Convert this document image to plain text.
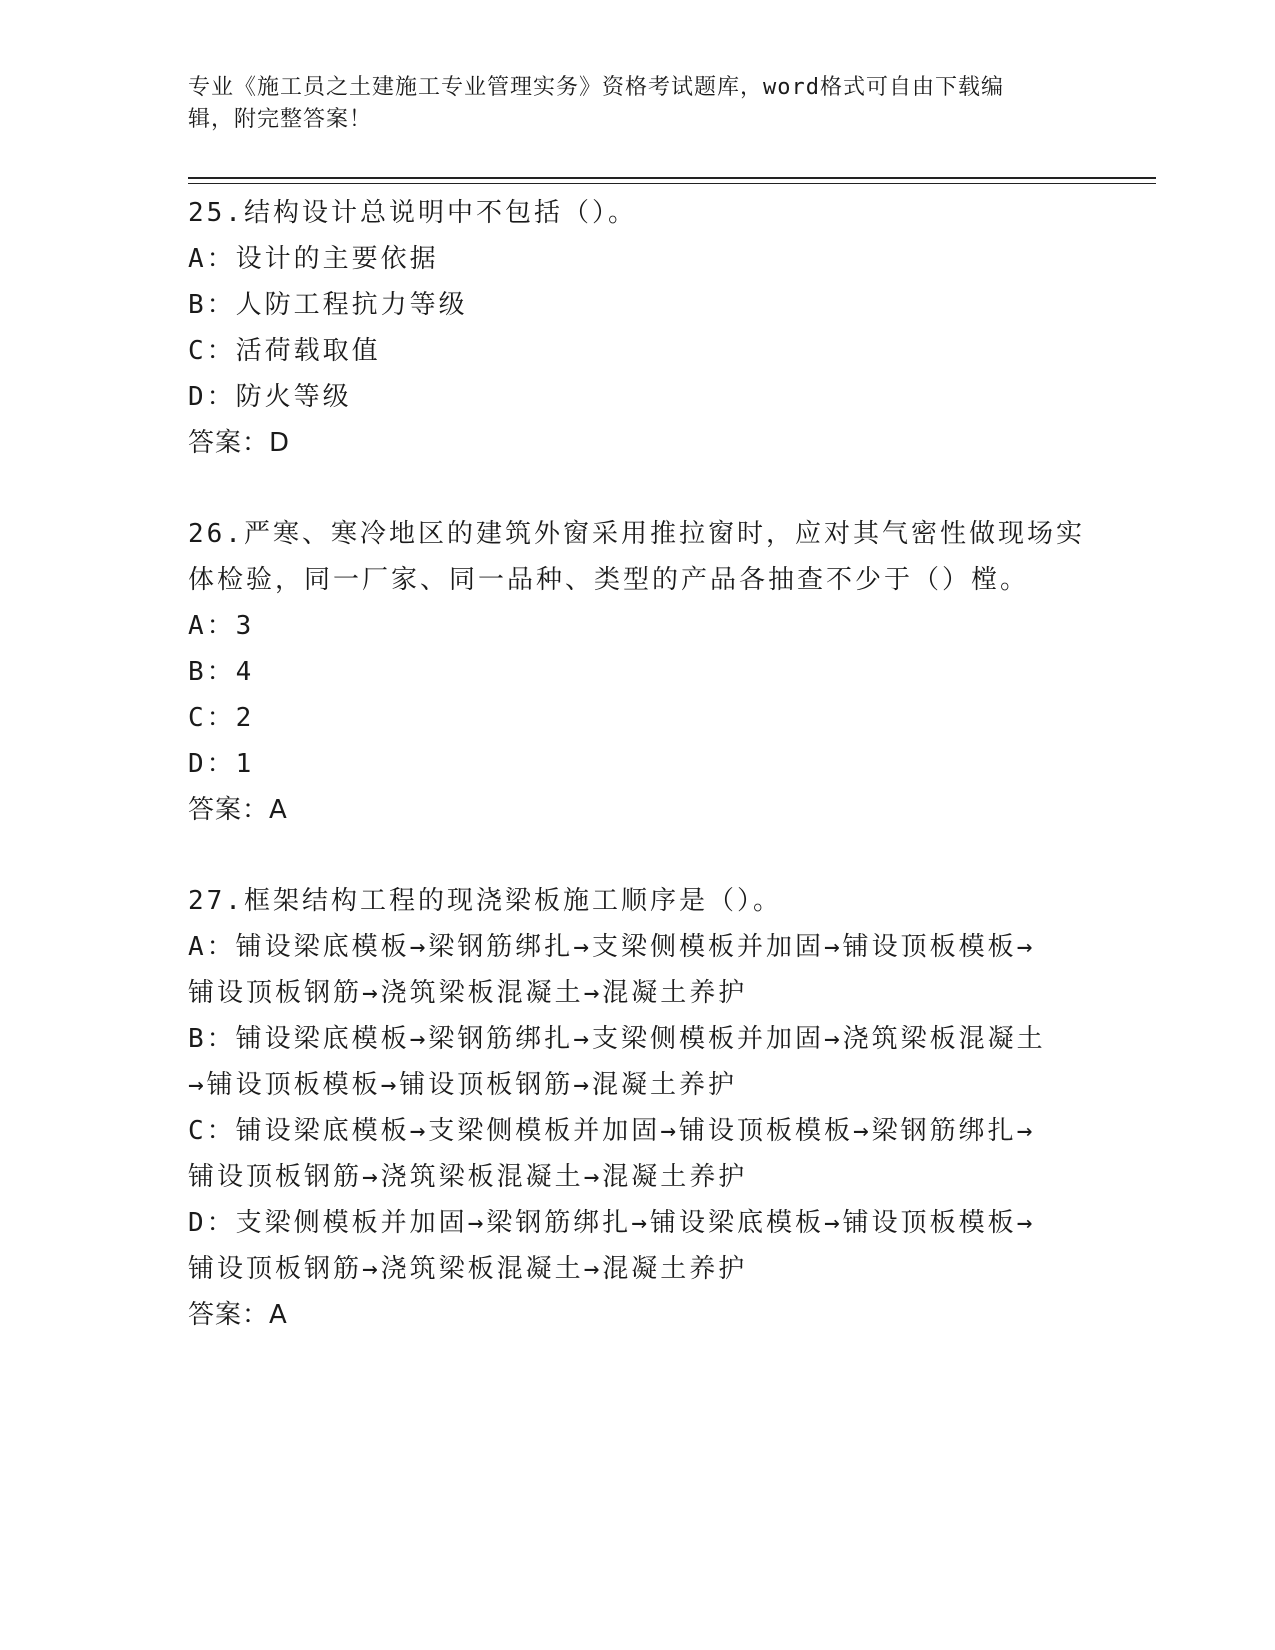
专业《施工员之土建施工专业管理实务》资格考试题库，word格式可自由下载编
辑，附完整答案！
25.结构设计总说明中不包括（）。
A：设计的主要依据
B：人防工程抗力等级
C：活荷载取值
D：防火等级
答案：D
26.严寒、寒冷地区的建筑外窗采用推拉窗时，应对其气密性做现场实
体检验，同一厂家、同一品种、类型的产品各抽查不少于（）樘。
A：3
B：4
C：2
D：1
答案：A
27.框架结构工程的现浇梁板施工顺序是（）。
A：铺设梁底模板→梁钢筋绑扎→支梁侧模板并加固→铺设顶板模板→
铺设顶板钢筋→浇筑梁板混凝土→混凝土养护
B：铺设梁底模板→梁钢筋绑扎→支梁侧模板并加固→浇筑梁板混凝土
→铺设顶板模板→铺设顶板钢筋→混凝土养护
C：铺设梁底模板→支梁侧模板并加固→铺设顶板模板→梁钢筋绑扎→
铺设顶板钢筋→浇筑梁板混凝土→混凝土养护
D：支梁侧模板并加固→梁钢筋绑扎→铺设梁底模板→铺设顶板模板→
铺设顶板钢筋→浇筑梁板混凝土→混凝土养护
答案：A
